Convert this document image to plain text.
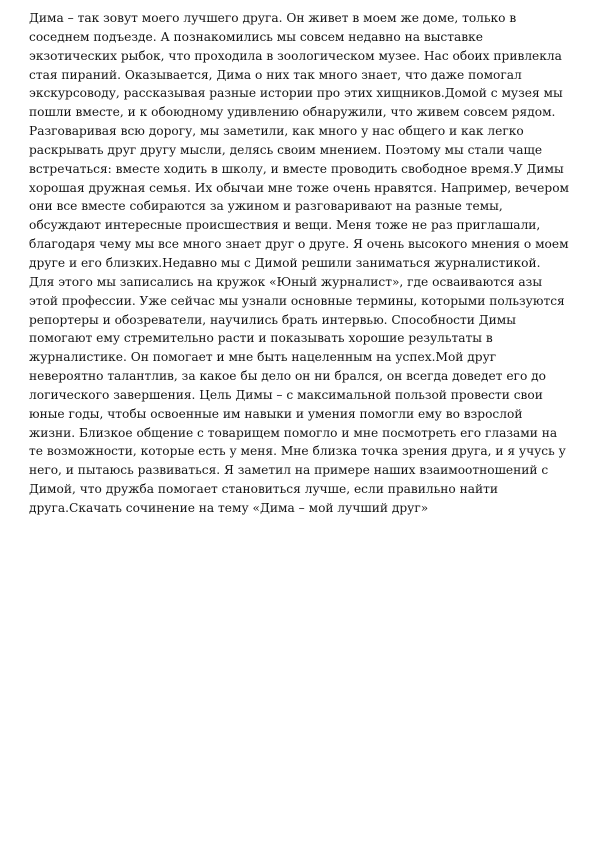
Дима – так зовут моего лучшего друга. Он живет в моем же доме, только в
соседнем подъезде. А познакомились мы совсем недавно на выставке
экзотических рыбок, что проходила в зоологическом музее. Нас обоих привлекла
стая пираний. Оказывается, Дима о них так много знает, что даже помогал
экскурсоводу, рассказывая разные истории про этих хищников.Домой с музея мы
пошли вместе, и к обоюдному удивлению обнаружили, что живем совсем рядом.
Разговаривая всю дорогу, мы заметили, как много у нас общего и как легко
раскрывать друг другу мысли, делясь своим мнением. Поэтому мы стали чаще
встречаться: вместе ходить в школу, и вместе проводить свободное время.У Димы
хорошая дружная семья. Их обычаи мне тоже очень нравятся. Например, вечером
они все вместе собираются за ужином и разговаривают на разные темы,
обсуждают интересные происшествия и вещи. Меня тоже не раз приглашали,
благодаря чему мы все много знает друг о друге. Я очень высокого мнения о моем
друге и его близких.Недавно мы с Димой решили заниматься журналистикой.
Для этого мы записались на кружок «Юный журналист», где осваиваются азы
этой профессии. Уже сейчас мы узнали основные термины, которыми пользуются
репортеры и обозреватели, научились брать интервью. Способности Димы
помогают ему стремительно расти и показывать хорошие результаты в
журналистике. Он помогает и мне быть нацеленным на успех.Мой друг
невероятно талантлив, за какое бы дело он ни брался, он всегда доведет его до
логического завершения. Цель Димы – с максимальной пользой провести свои
юные годы, чтобы освоенные им навыки и умения помогли ему во взрослой
жизни. Близкое общение с товарищем помогло и мне посмотреть его глазами на
те возможности, которые есть у меня. Мне близка точка зрения друга, и я учусь у
него, и пытаюсь развиваться. Я заметил на примере наших взаимоотношений с
Димой, что дружба помогает становиться лучше, если правильно найти
друга.Скачать сочинение на тему «Дима – мой лучший друг»
